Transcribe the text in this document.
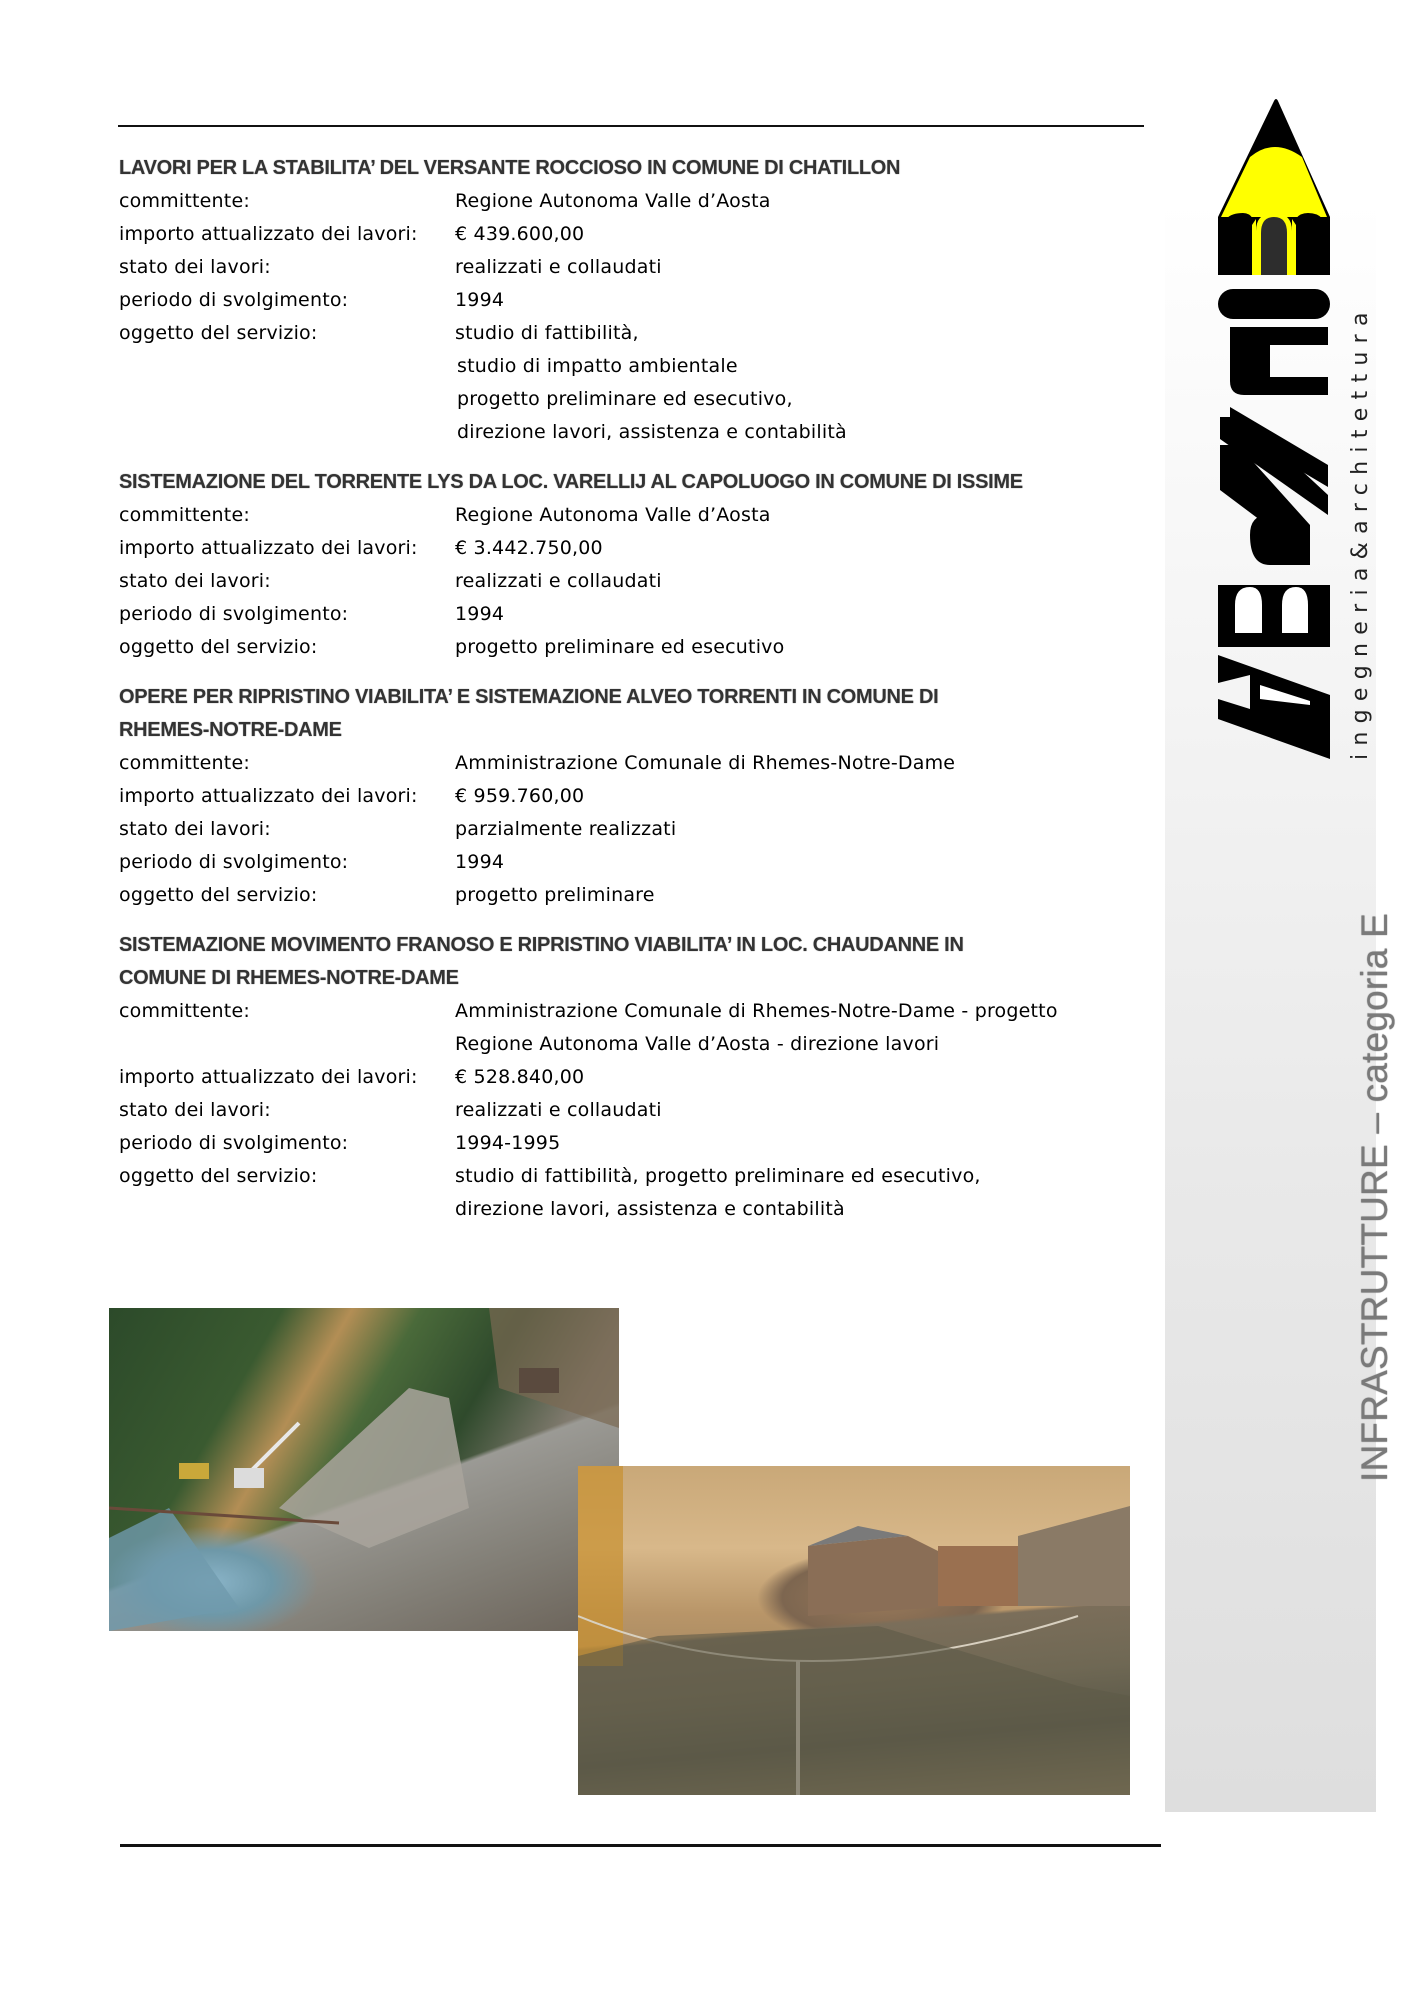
ingegneria&architettura
INFRASTRUTTURE – categoria E
LAVORI PER LA STABILITA’ DEL VERSANTE ROCCIOSO IN COMUNE DI CHATILLON
committente:	Regione Autonoma Valle d’Aosta
importo attualizzato dei lavori:	€ 439.600,00
stato dei lavori:	realizzati e collaudati
periodo di svolgimento:	1994
oggetto del servizio:	studio di fattibilità,
studio di impatto ambientale
progetto preliminare ed esecutivo,
direzione lavori, assistenza e contabilità
SISTEMAZIONE DEL TORRENTE LYS DA LOC. VARELLIJ AL CAPOLUOGO IN COMUNE DI ISSIME
committente:	Regione Autonoma Valle d’Aosta
importo attualizzato dei lavori:	€ 3.442.750,00
stato dei lavori:	realizzati e collaudati
periodo di svolgimento:	1994
oggetto del servizio:	progetto preliminare ed esecutivo
OPERE PER RIPRISTINO VIABILITA’ E SISTEMAZIONE ALVEO TORRENTI IN COMUNE DI
RHEMES-NOTRE-DAME
committente:	Amministrazione Comunale di Rhemes-Notre-Dame
importo attualizzato dei lavori:	€ 959.760,00
stato dei lavori:	parzialmente realizzati
periodo di svolgimento:	1994
oggetto del servizio:	progetto preliminare
SISTEMAZIONE MOVIMENTO FRANOSO E RIPRISTINO VIABILITA’ IN LOC. CHAUDANNE IN
COMUNE DI RHEMES-NOTRE-DAME
committente:	Amministrazione Comunale di Rhemes-Notre-Dame - progetto
Regione Autonoma Valle d’Aosta - direzione lavori
importo attualizzato dei lavori:	€ 528.840,00
stato dei lavori:	realizzati e collaudati
periodo di svolgimento:	1994-1995
oggetto del servizio:	studio di fattibilità, progetto preliminare ed esecutivo,
direzione lavori, assistenza e contabilità
